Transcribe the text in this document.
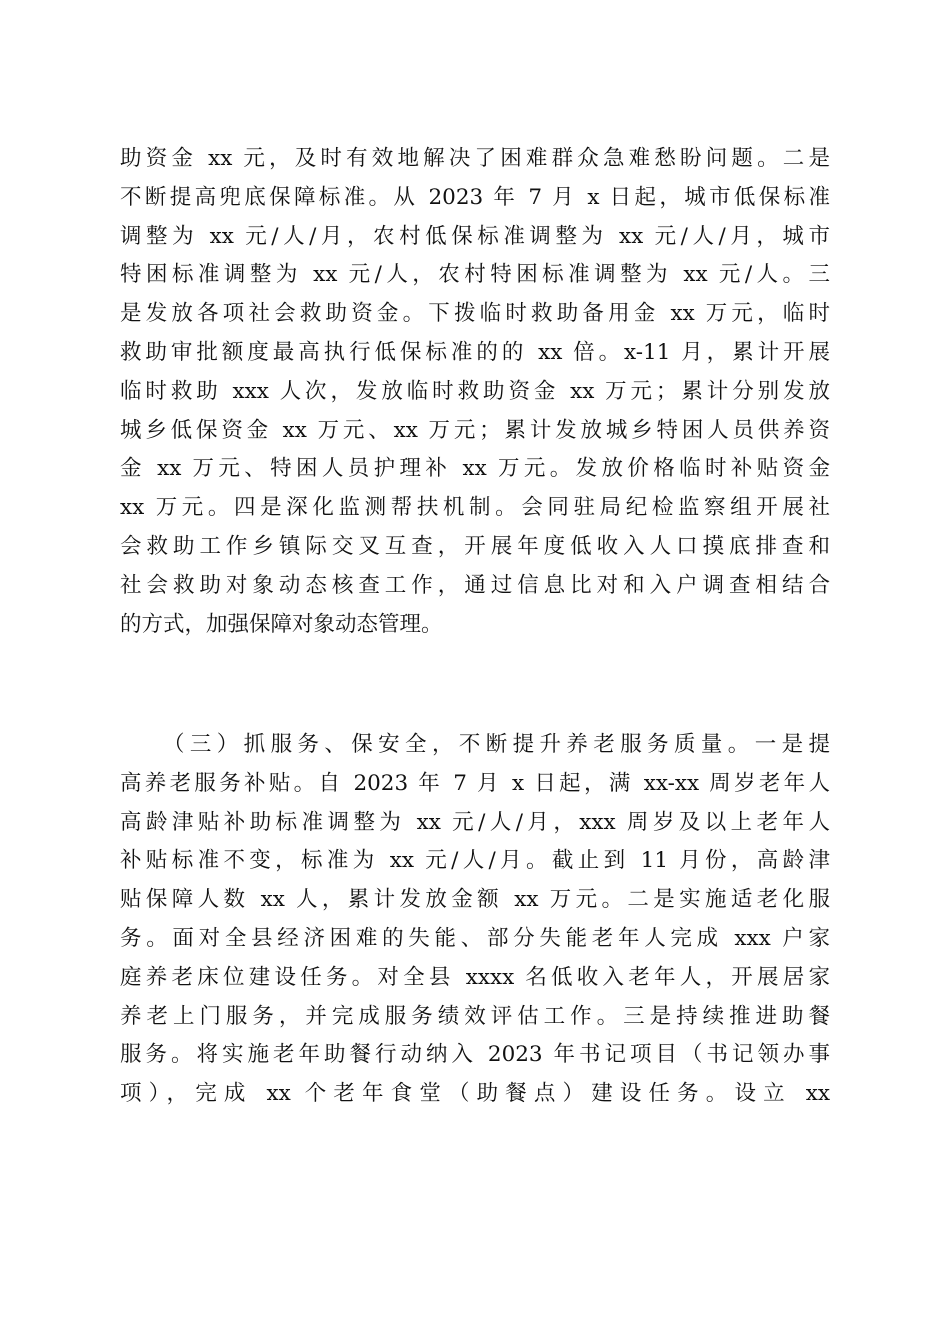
助资金 xx 元，及时有效地解决了困难群众急难愁盼问题。二是
不断提高兜底保障标准。从 2023 年 7 月 x 日起，城市低保标准
调整为 xx 元/人/月，农村低保标准调整为 xx 元/人/月，城市
特困标准调整为 xx 元/人，农村特困标准调整为 xx 元/人。三
是发放各项社会救助资金。下拨临时救助备用金 xx 万元，临时
救助审批额度最高执行低保标准的的 xx 倍。x-11 月，累计开展
临时救助 xxx 人次，发放临时救助资金 xx 万元；累计分别发放
城乡低保资金 xx 万元、xx 万元；累计发放城乡特困人员供养资
金 xx 万元、特困人员护理补 xx 万元。发放价格临时补贴资金
xx 万元。四是深化监测帮扶机制。会同驻局纪检监察组开展社
会救助工作乡镇际交叉互查，开展年度低收入人口摸底排查和
社会救助对象动态核查工作，通过信息比对和入户调查相结合
的方式，加强保障对象动态管理。
（三）抓服务、保安全，不断提升养老服务质量。一是提
高养老服务补贴。自 2023 年 7 月 x 日起，满 xx-xx 周岁老年人
高龄津贴补助标准调整为 xx 元/人/月，xxx 周岁及以上老年人
补贴标准不变，标准为 xx 元/人/月。截止到 11 月份，高龄津
贴保障人数 xx 人，累计发放金额 xx 万元。二是实施适老化服
务。面对全县经济困难的失能、部分失能老年人完成 xxx 户家
庭养老床位建设任务。对全县 xxxx 名低收入老年人，开展居家
养老上门服务，并完成服务绩效评估工作。三是持续推进助餐
服务。将实施老年助餐行动纳入 2023 年书记项目（书记领办事
项），完成 xx 个老年食堂（助餐点）建设任务。设立 xx
